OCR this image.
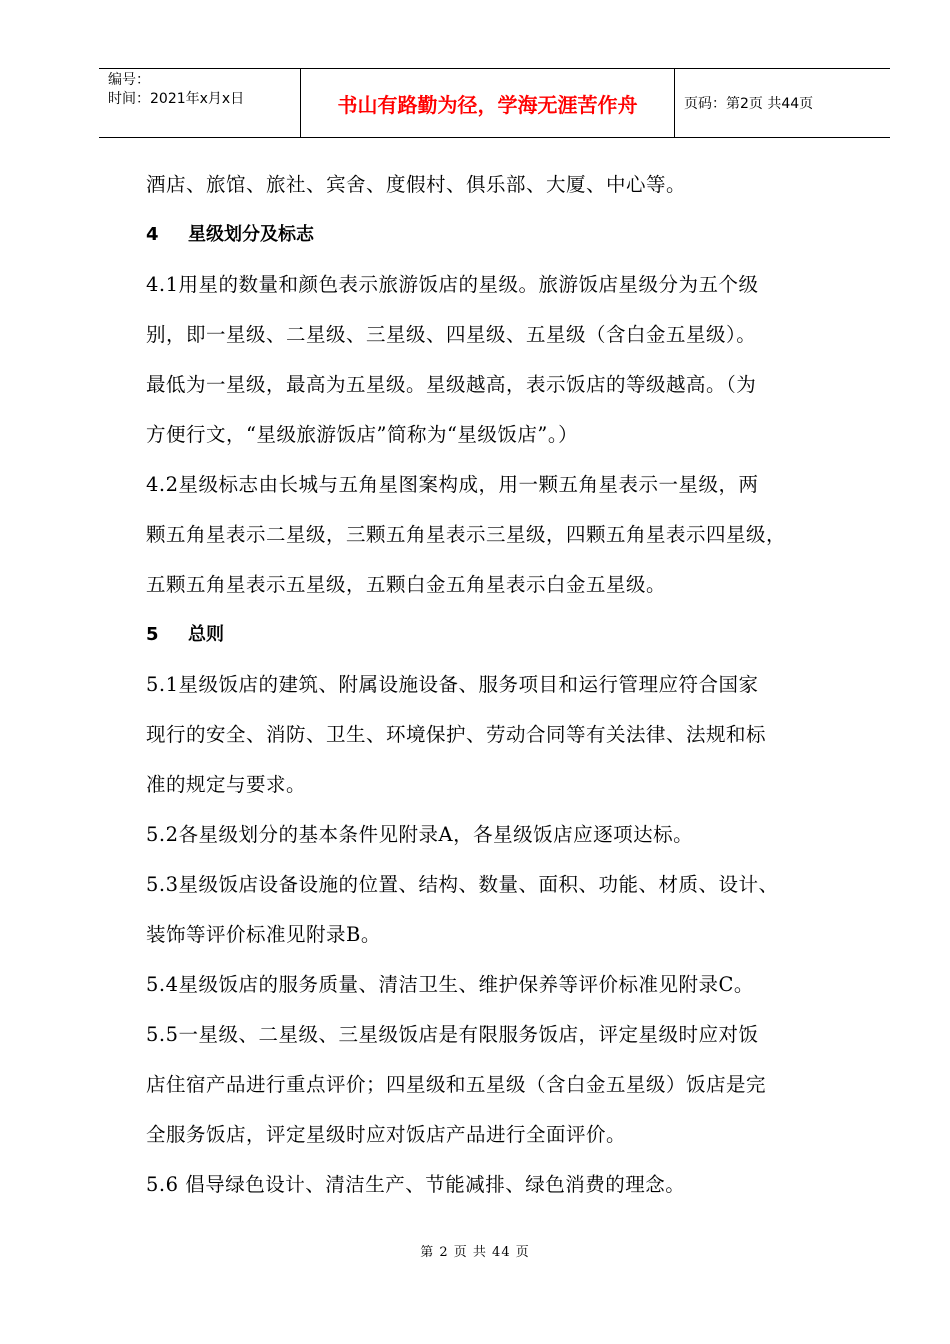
编号：
时间：2021年x月x日	书山有路勤为径，学海无涯苦作舟	页码：第2页 共44页

酒店、旅馆、旅社、宾舍、度假村、俱乐部、大厦、中心等。

4 星级划分及标志

4.1用星的数量和颜色表示旅游饭店的星级。旅游饭店星级分为五个级

别，即一星级、二星级、三星级、四星级、五星级（含白金五星级）。

最低为一星级，最高为五星级。星级越高，表示饭店的等级越高。（为

方便行文，“星级旅游饭店”简称为“星级饭店”。）

4.2星级标志由长城与五角星图案构成，用一颗五角星表示一星级，两

颗五角星表示二星级，三颗五角星表示三星级，四颗五角星表示四星级，

五颗五角星表示五星级，五颗白金五角星表示白金五星级。

5 总则

5.1星级饭店的建筑、附属设施设备、服务项目和运行管理应符合国家

现行的安全、消防、卫生、环境保护、劳动合同等有关法律、法规和标

准的规定与要求。

5.2各星级划分的基本条件见附录A，各星级饭店应逐项达标。

5.3星级饭店设备设施的位置、结构、数量、面积、功能、材质、设计、

装饰等评价标准见附录B。

5.4星级饭店的服务质量、清洁卫生、维护保养等评价标准见附录C。

5.5一星级、二星级、三星级饭店是有限服务饭店，评定星级时应对饭

店住宿产品进行重点评价；四星级和五星级（含白金五星级）饭店是完

全服务饭店，评定星级时应对饭店产品进行全面评价。

5.6 倡导绿色设计、清洁生产、节能减排、绿色消费的理念。

第 2 页 共 44 页
